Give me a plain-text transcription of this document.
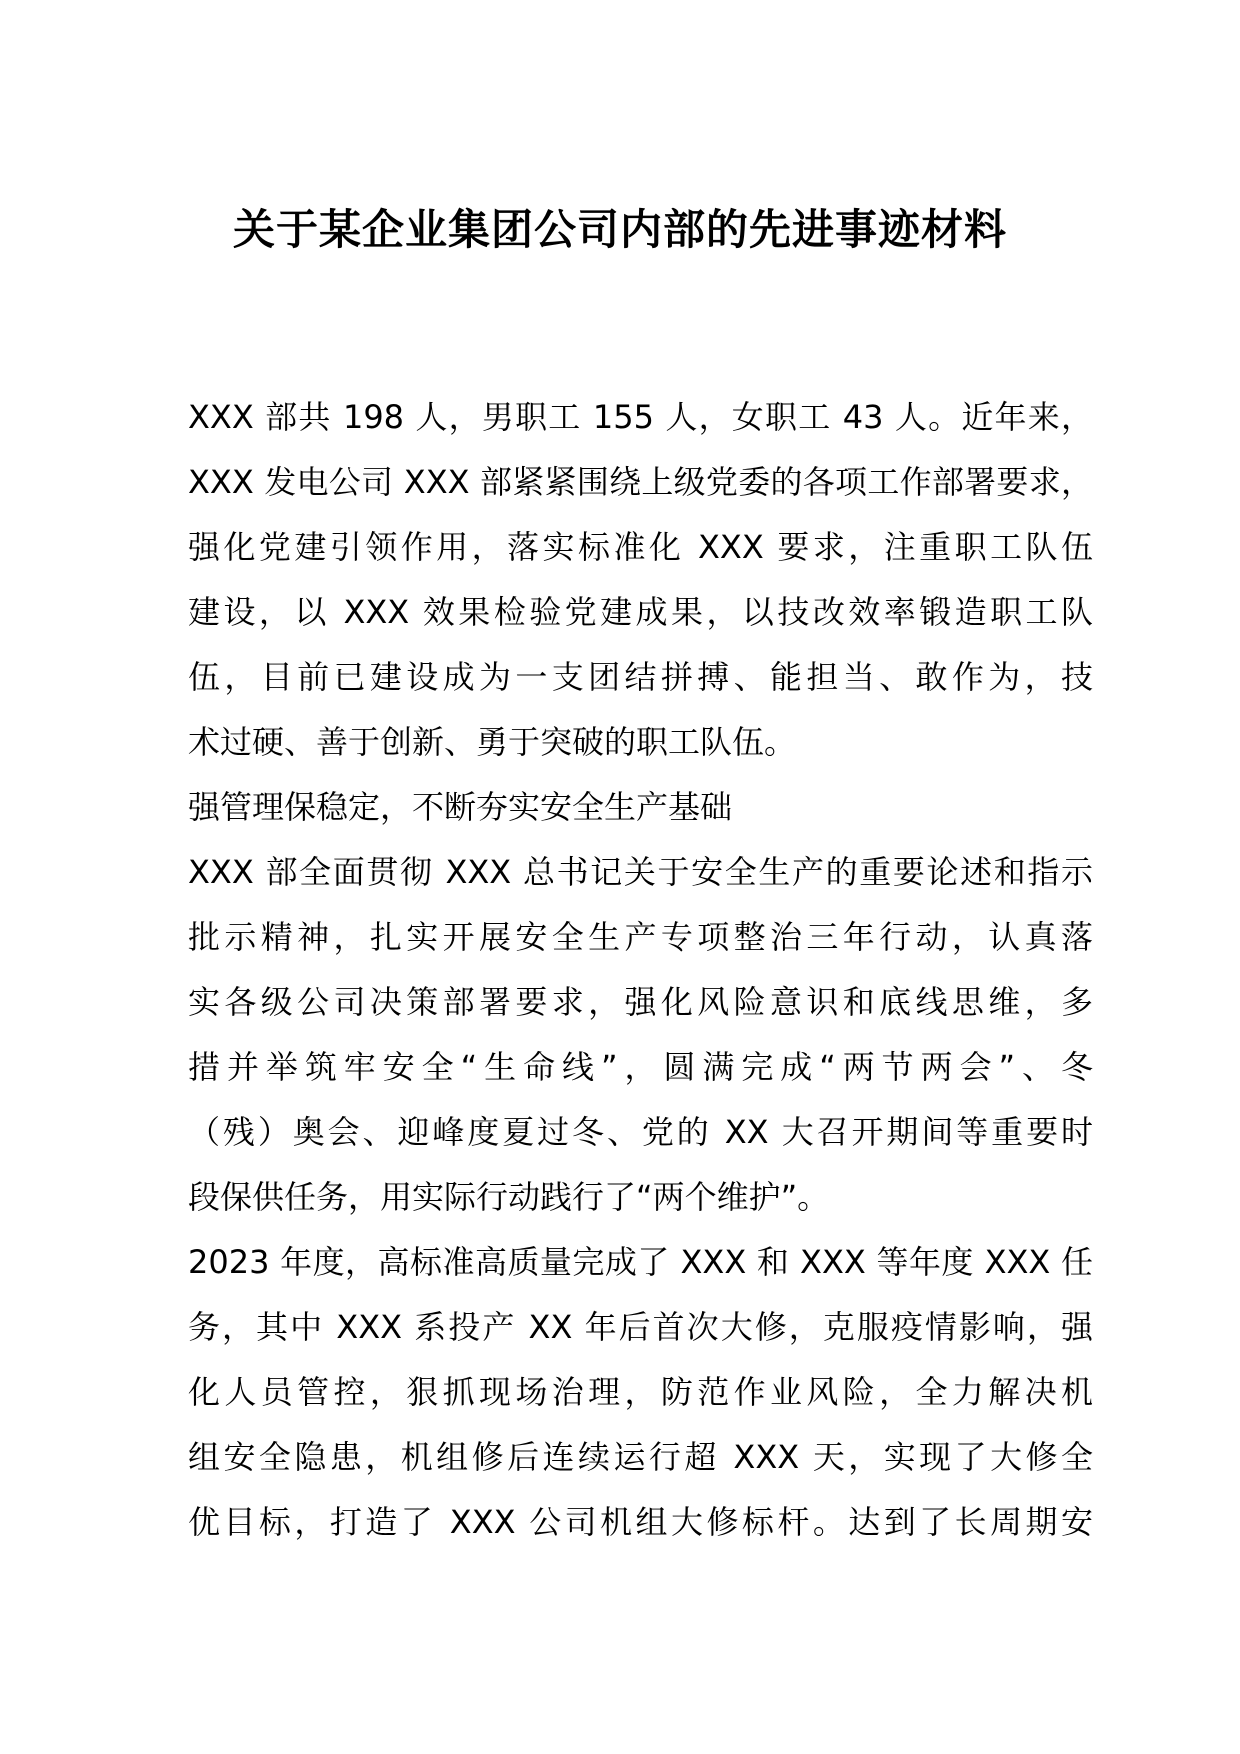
关于某企业集团公司内部的先进事迹材料
XXX 部共 198 人，男职工 155 人，女职工 43 人。近年来，
XXX 发电公司 XXX 部紧紧围绕上级党委的各项工作部署要求，
强化党建引领作用，落实标准化 XXX 要求，注重职工队伍
建设，以 XXX 效果检验党建成果，以技改效率锻造职工队
伍，目前已建设成为一支团结拼搏、能担当、敢作为，技
术过硬、善于创新、勇于突破的职工队伍。
强管理保稳定，不断夯实安全生产基础
XXX 部全面贯彻 XXX 总书记关于安全生产的重要论述和指示
批示精神，扎实开展安全生产专项整治三年行动，认真落
实各级公司决策部署要求，强化风险意识和底线思维，多
措并举筑牢安全“生命线”，圆满完成“两节两会”、冬
（残）奥会、迎峰度夏过冬、党的 XX 大召开期间等重要时
段保供任务，用实际行动践行了“两个维护”。
2023 年度，高标准高质量完成了 XXX 和 XXX 等年度 XXX 任
务，其中 XXX 系投产 XX 年后首次大修，克服疫情影响，强
化人员管控，狠抓现场治理，防范作业风险，全力解决机
组安全隐患，机组修后连续运行超 XXX 天，实现了大修全
优目标，打造了 XXX 公司机组大修标杆。达到了长周期安
